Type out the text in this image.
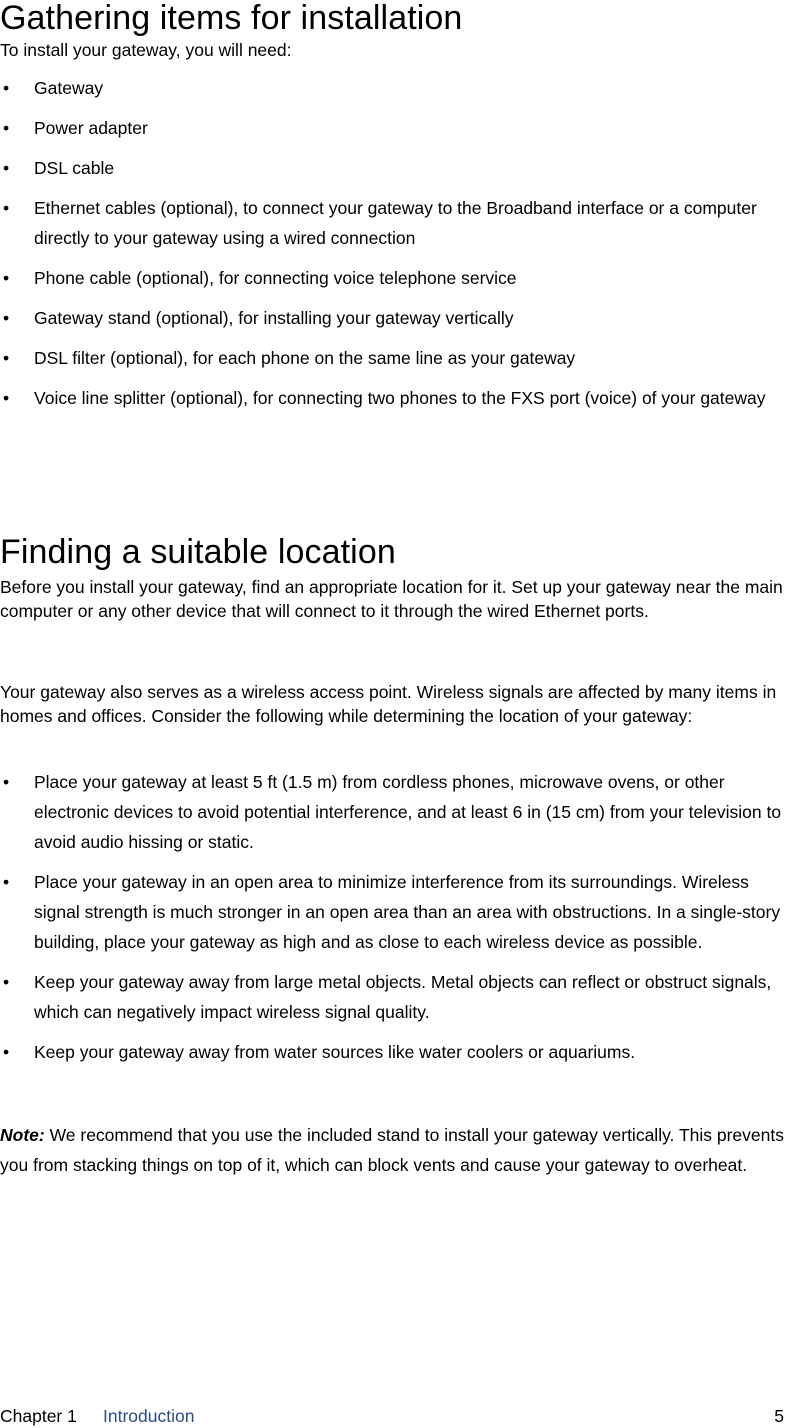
Gathering items for installation

To install your gateway, you will need:

• Gateway
• Power adapter
• DSL cable
• Ethernet cables (optional), to connect your gateway to the Broadband interface or a computer directly to your gateway using a wired connection
• Phone cable (optional), for connecting voice telephone service
• Gateway stand (optional), for installing your gateway vertically
• DSL filter (optional), for each phone on the same line as your gateway
• Voice line splitter (optional), for connecting two phones to the FXS port (voice) of your gateway
Finding a suitable location

Before you install your gateway, find an appropriate location for it. Set up your gateway near the main computer or any other device that will connect to it through the wired Ethernet ports.

Your gateway also serves as a wireless access point. Wireless signals are affected by many items in homes and offices. Consider the following while determining the location of your gateway:

• Place your gateway at least 5 ft (1.5 m) from cordless phones, microwave ovens, or other electronic devices to avoid potential interference, and at least 6 in (15 cm) from your television to avoid audio hissing or static.
• Place your gateway in an open area to minimize interference from its surroundings. Wireless signal strength is much stronger in an open area than an area with obstructions. In a single-story building, place your gateway as high and as close to each wireless device as possible.
• Keep your gateway away from large metal objects. Metal objects can reflect or obstruct signals, which can negatively impact wireless signal quality.
• Keep your gateway away from water sources like water coolers or aquariums.

Note: We recommend that you use the included stand to install your gateway vertically. This prevents you from stacking things on top of it, which can block vents and cause your gateway to overheat.

Chapter 1 Introduction	5
